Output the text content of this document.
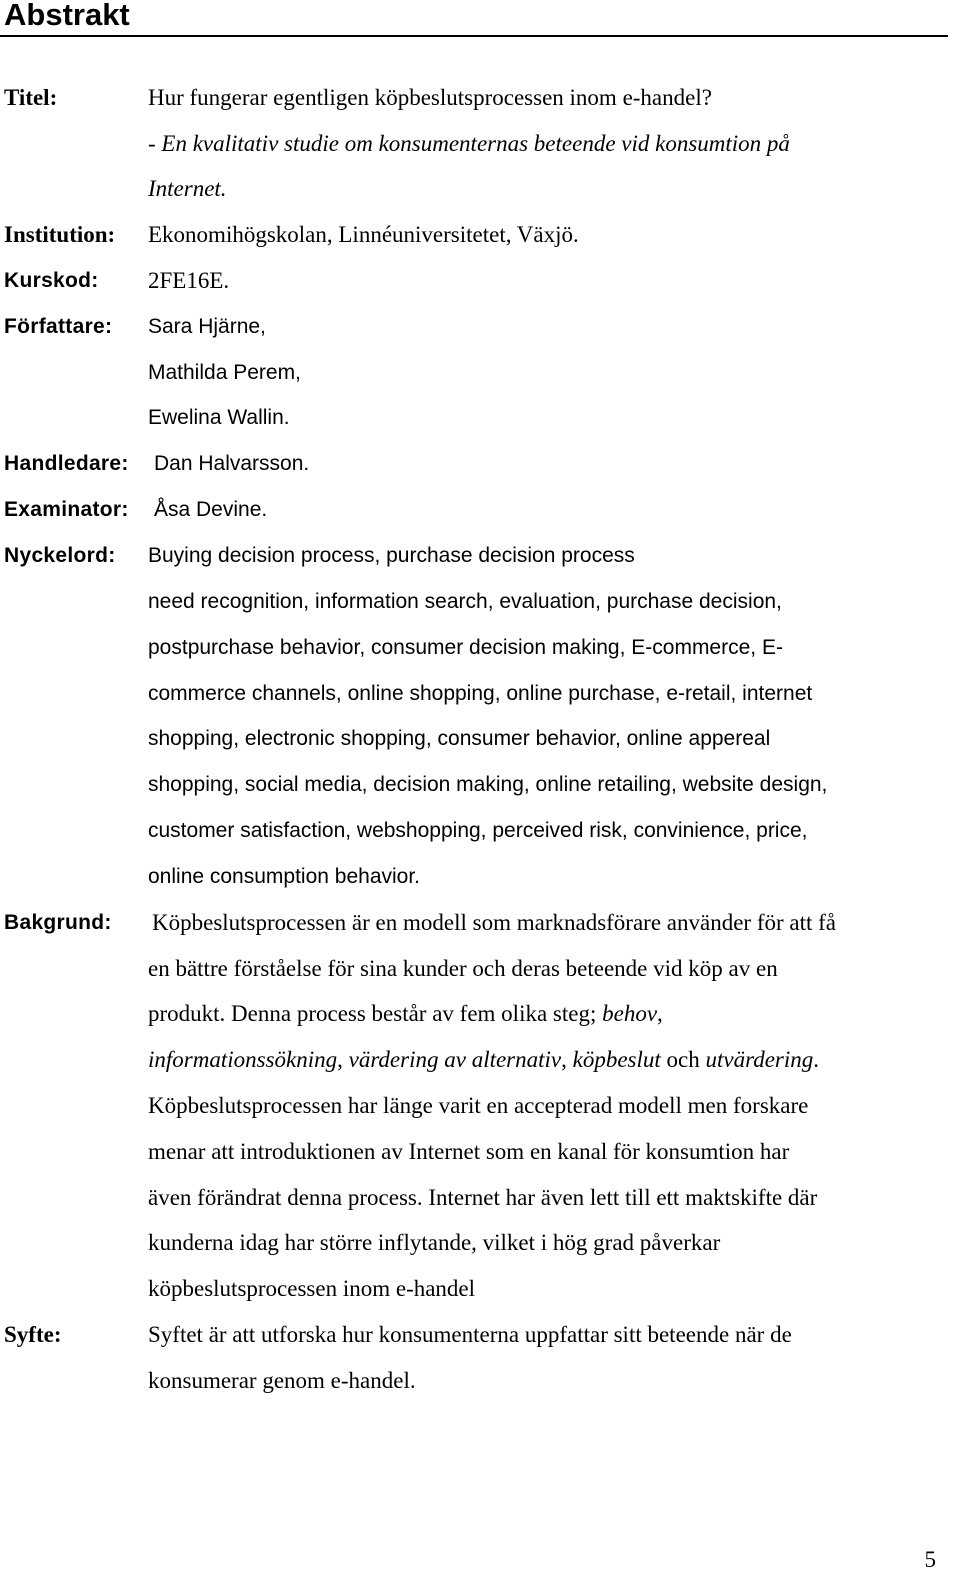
Abstrakt
Titel:	Hur fungerar egentligen köpbeslutsprocessen inom e-handel?
- En kvalitativ studie om konsumenternas beteende vid konsumtion på
Internet.
Institution: Ekonomihögskolan, Linnéuniversitetet, Växjö.
Kurskod: 2FE16E.
Författare: Sara Hjärne,
Mathilda Perem,
Ewelina Wallin.
Handledare: Dan Halvarsson.
Examinator: Åsa Devine.
Nyckelord: Buying decision process, purchase decision process
need recognition, information search, evaluation, purchase decision,
postpurchase behavior, consumer decision making, E-commerce, E-
commerce channels, online shopping, online purchase, e-retail, internet
shopping, electronic shopping, consumer behavior, online appereal
shopping, social media, decision making, online retailing, website design,
customer satisfaction, webshopping, perceived risk, convinience, price,
online consumption behavior.
Bakgrund: Köpbeslutsprocessen är en modell som marknadsförare använder för att få
en bättre förståelse för sina kunder och deras beteende vid köp av en
produkt. Denna process består av fem olika steg; behov,
informationssökning, värdering av alternativ, köpbeslut och utvärdering.
Köpbeslutsprocessen har länge varit en accepterad modell men forskare
menar att introduktionen av Internet som en kanal för konsumtion har
även förändrat denna process. Internet har även lett till ett maktskifte där
kunderna idag har större inflytande, vilket i hög grad påverkar
köpbeslutsprocessen inom e-handel
Syfte:	Syftet är att utforska hur konsumenterna uppfattar sitt beteende när de
konsumerar genom e-handel.
5
